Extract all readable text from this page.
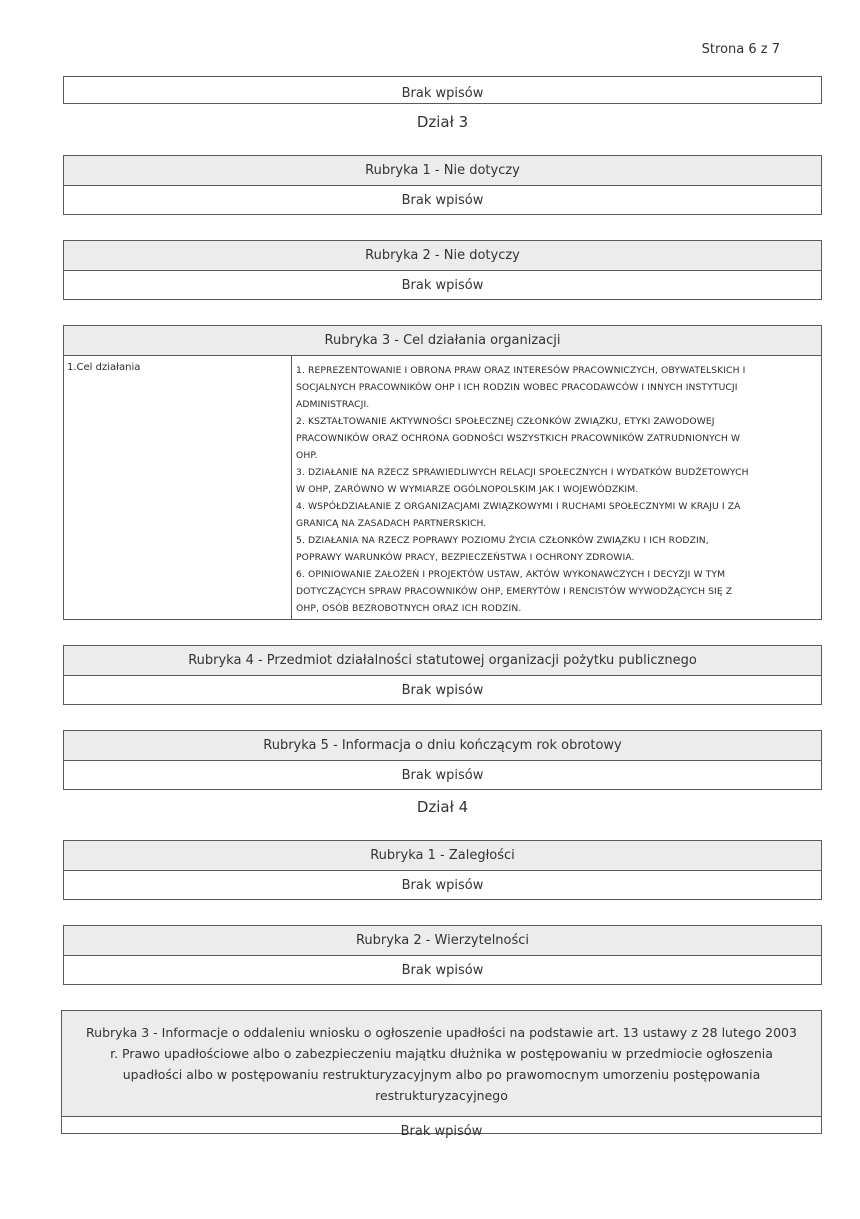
Strona 6 z 7
Brak wpisów
Dział 3
Rubryka 1 - Nie dotyczy
Brak wpisów
Rubryka 2 - Nie dotyczy
Brak wpisów
Rubryka 3 - Cel działania organizacji
1.Cel działania	1. REPREZENTOWANIE I OBRONA PRAW ORAZ INTERESÓW PRACOWNICZYCH, OBYWATELSKICH I
SOCJALNYCH PRACOWNIKÓW OHP I ICH RODZIN WOBEC PRACODAWCÓW I INNYCH INSTYTUCJI
ADMINISTRACJI.
2. KSZTAŁTOWANIE AKTYWNOŚCI SPOŁECZNEJ CZŁONKÓW ZWIĄZKU, ETYKI ZAWODOWEJ
PRACOWNIKÓW ORAZ OCHRONA GODNOŚCI WSZYSTKICH PRACOWNIKÓW ZATRUDNIONYCH W
OHP.
3. DZIAŁANIE NA RZECZ SPRAWIEDLIWYCH RELACJI SPOŁECZNYCH I WYDATKÓW BUDŻETOWYCH
W OHP, ZARÓWNO W WYMIARZE OGÓLNOPOLSKIM JAK I WOJEWÓDZKIM.
4. WSPÓŁDZIAŁANIE Z ORGANIZACJAMI ZWIĄZKOWYMI I RUCHAMI SPOŁECZNYMI W KRAJU I ZA
GRANICĄ NA ZASADACH PARTNERSKICH.
5. DZIAŁANIA NA RZECZ POPRAWY POZIOMU ŻYCIA CZŁONKÓW ZWIĄZKU I ICH RODZIN,
POPRAWY WARUNKÓW PRACY, BEZPIECZEŃSTWA I OCHRONY ZDROWIA.
6. OPINIOWANIE ZAŁOŻEŃ I PROJEKTÓW USTAW, AKTÓW WYKONAWCZYCH I DECYZJI W TYM
DOTYCZĄCYCH SPRAW PRACOWNIKÓW OHP, EMERYTÓW I RENCISTÓW WYWODZĄCYCH SIĘ Z
OHP, OSÓB BEZROBOTNYCH ORAZ ICH RODZIN.
Rubryka 4 - Przedmiot działalności statutowej organizacji pożytku publicznego
Brak wpisów
Rubryka 5 - Informacja o dniu kończącym rok obrotowy
Brak wpisów
Dział 4
Rubryka 1 - Zaległości
Brak wpisów
Rubryka 2 - Wierzytelności
Brak wpisów
Rubryka 3 - Informacje o oddaleniu wniosku o ogłoszenie upadłości na podstawie art. 13 ustawy z 28 lutego 2003
r. Prawo upadłościowe albo o zabezpieczeniu majątku dłużnika w postępowaniu w przedmiocie ogłoszenia
upadłości albo w postępowaniu restrukturyzacyjnym albo po prawomocnym umorzeniu postępowania
restrukturyzacyjnego
Brak wpisów
